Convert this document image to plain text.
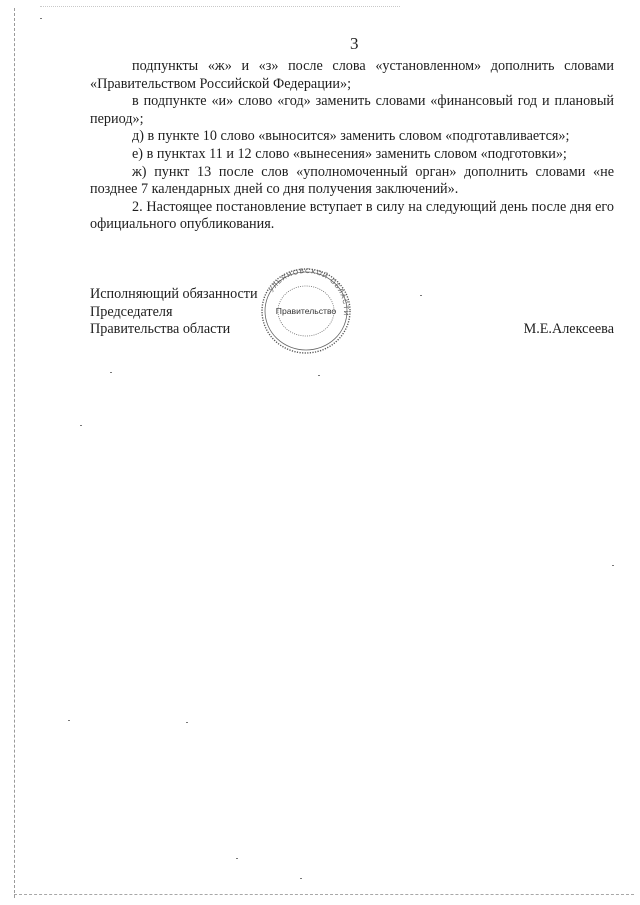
3

подпункты «ж» и «з» после слова «установленном» дополнить словами «Правительством Российской Федерации»;

в подпункте «и» слово «год» заменить словами «финансовый год и плановый период»;

д) в пункте 10 слово «выносится» заменить словом «подготавливается»;

е) в пунктах 11 и 12 слово «вынесения» заменить словом «подготовки»;

ж) пункт 13 после слов «уполномоченный орган» дополнить словами «не позднее 7 календарных дней со дня получения заключений».

2. Настоящее постановление вступает в силу на следующий день после дня его официального опубликования.

Исполняющий обязанности
Председателя
Правительства области	М.Е.Алексеева
УЛЬЯНОВСКОЙ ОБЛАСТИ
Правительство
